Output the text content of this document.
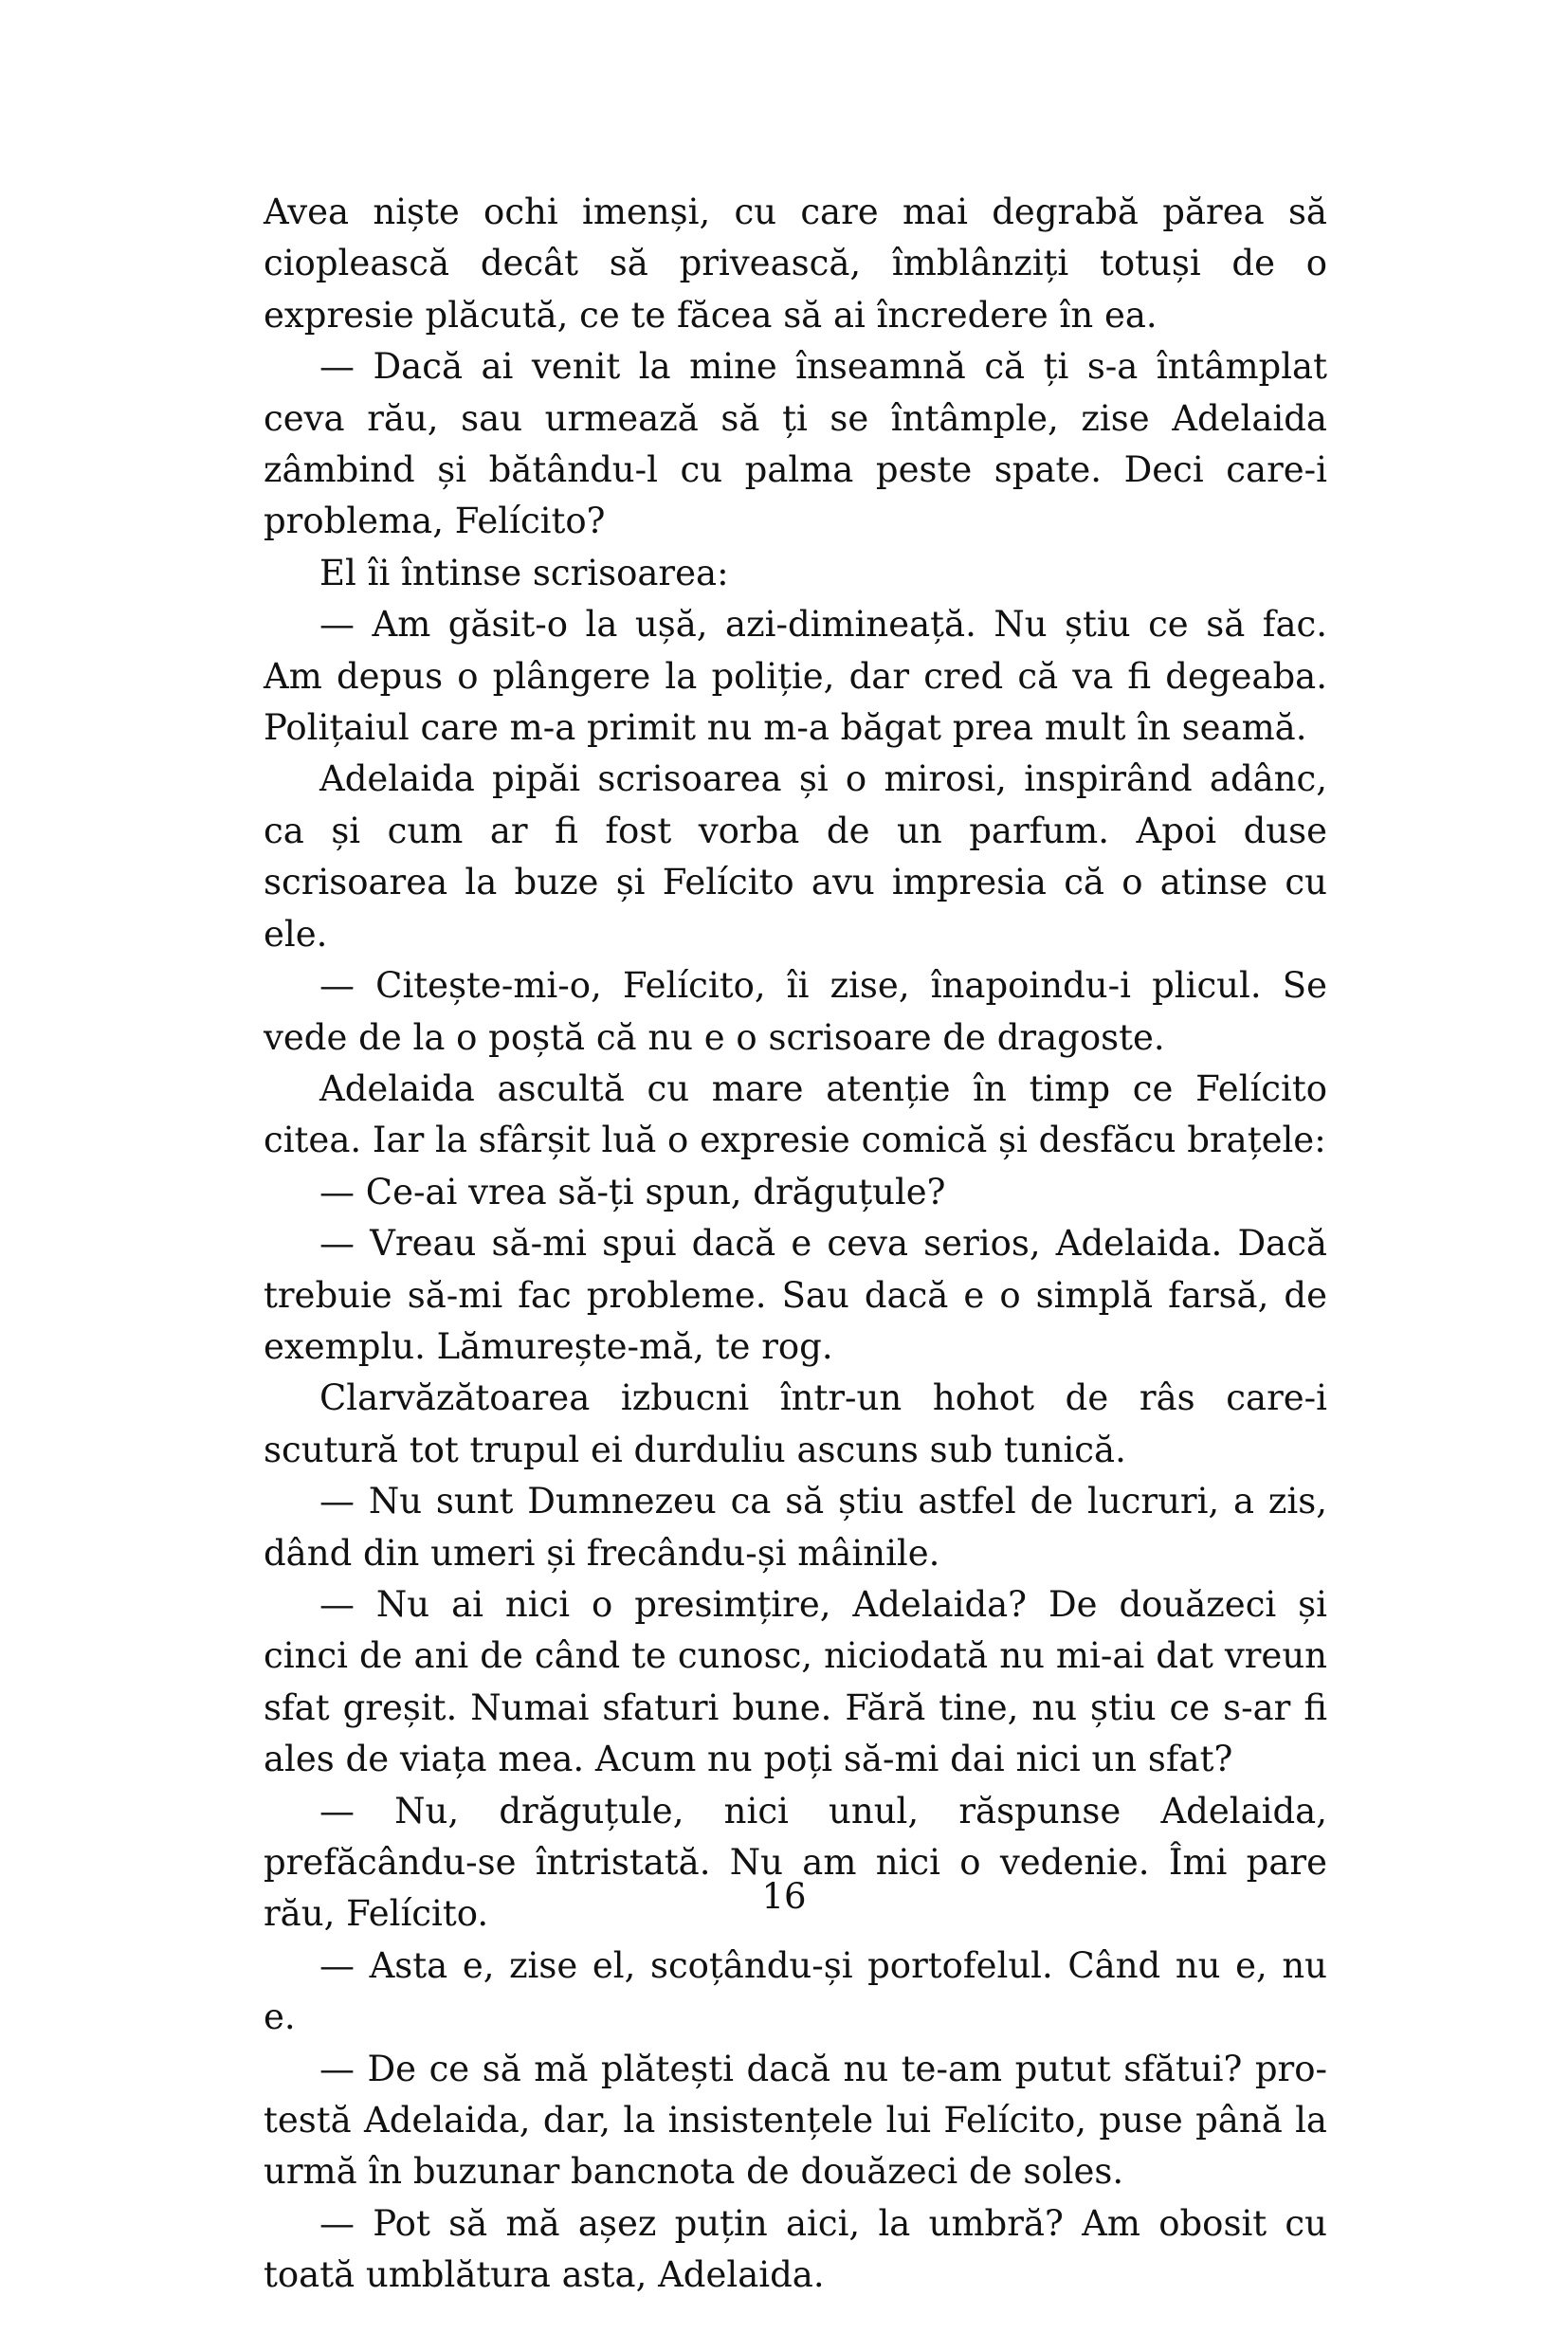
Avea niște ochi imenși, cu care mai degrabă părea să cioplească decât să privească, îmblânziți totuși de o expresie plăcută, ce te făcea să ai încredere în ea.

— Dacă ai venit la mine înseamnă că ți s-a întâmplat ceva rău, sau urmează să ți se întâmple, zise Adelaida zâmbind și bătându-l cu palma peste spate. Deci care-i problema, Felícito?

El îi întinse scrisoarea:

— Am găsit-o la ușă, azi-dimineață. Nu știu ce să fac. Am depus o plângere la poliție, dar cred că va fi degeaba. Polițaiul care m-a primit nu m-a băgat prea mult în seamă.

Adelaida pipăi scrisoarea și o mirosi, inspirând adânc, ca și cum ar fi fost vorba de un parfum. Apoi duse scrisoarea la buze și Felícito avu impresia că o atinse cu ele.

— Citește-mi-o, Felícito, îi zise, înapoindu-i plicul. Se vede de la o poștă că nu e o scrisoare de dragoste.

Adelaida ascultă cu mare atenție în timp ce Felícito citea. Iar la sfârșit luă o expresie comică și desfăcu brațele:

— Ce-ai vrea să-ți spun, drăguțule?

— Vreau să-mi spui dacă e ceva serios, Adelaida. Dacă trebuie să-mi fac probleme. Sau dacă e o simplă farsă, de exemplu. Lămurește-mă, te rog.

Clarvăzătoarea izbucni într-un hohot de râs care-i scutură tot trupul ei durduliu ascuns sub tunică.

— Nu sunt Dumnezeu ca să știu astfel de lucruri, a zis, dând din umeri și frecându-și mâinile.

— Nu ai nici o presimțire, Adelaida? De douăzeci și cinci de ani de când te cunosc, niciodată nu mi-ai dat vreun sfat greșit. Numai sfaturi bune. Fără tine, nu știu ce s-ar fi ales de viața mea. Acum nu poți să-mi dai nici un sfat?

— Nu, drăguțule, nici unul, răspunse Adelaida, prefăcându-se întristată. Nu am nici o vedenie. Îmi pare rău, Felícito.

— Asta e, zise el, scoțându-și portofelul. Când nu e, nu e.

— De ce să mă plătești dacă nu te-am putut sfătui? protestă Adelaida, dar, la insistențele lui Felícito, puse până la urmă în buzunar bancnota de douăzeci de soles.

— Pot să mă așez puțin aici, la umbră? Am obosit cu toată umblătura asta, Adelaida.

16
